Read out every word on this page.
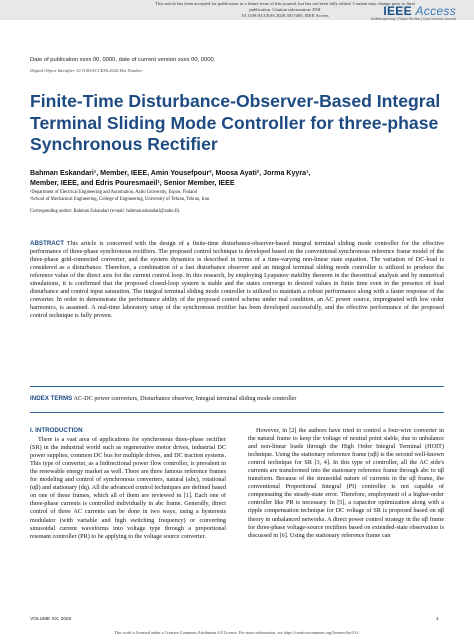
This article has been accepted for publication in a future issue of this journal, but has not been fully edited. Content may change prior to final publication. Citation information: DOI
10.1109/ACCESS.2020.3017469, IEEE Access	IEEE Access
Multidisciplinary | Rapid Review | Open Access Journal
Date of publication xxxx 00, 0000, date of current version xxxx 00, 0000.
Digital Object Identifier 10.1109/ACCESS.2020.Doi Number
Finite-Time Disturbance-Observer-Based Integral Terminal Sliding Mode Controller for three-phase Synchronous Rectifier
Bahman Eskandari¹, Member, IEEE, Amin Yousefpour², Moosa Ayati², Jorma Kyyra¹,
Member, IEEE, and Edris Pouresmaeil¹, Senior Member, IEEE
¹Department of Electrical Engineering and Automation, Aalto University, Espoo, Finland
²School of Mechanical Engineering, College of Engineering, University of Tehran, Tehran, Iran
Corresponding author: Bahman Eskandari (e-mail: bahman.eskandari@aalto.fi).
ABSTRACT This article is concerned with the design of a finite-time disturbance-observer-based integral terminal sliding mode controller for the effective performance of three-phase synchronous rectifiers. The proposed control technique is developed based on the conventional synchronous reference frame model of the three-phase grid-connected converter, and the system dynamics is described in terms of a time-varying non-linear state equation. The variation of DC-load is considered as a disturbance. Therefore, a combination of a fast disturbance observer and an integral terminal sliding mode controller is utilized to produce the reference value of the direct axis for the current control loop. In this research, by employing Lyapunov stability theorem in the theoretical analysis and by numerical simulations, it is confirmed that the proposed closed-loop system is stable and the states converge to desired values in finite time even in the presence of load disturbance and control input saturation. The integral terminal sliding mode controller is utilized to maintain a robust performance along with a faster response of the converter. In order to demonstrate the performance ability of the proposed control scheme under real condition, an AC power source, impregnated with low order harmonics, is assumed. A real-time laboratory setup of the synchronous rectifier has been developed successfully, and the effective performance of the proposed control technique is fully proven.
INDEX TERMS AC-DC power converters, Disturbance observer, Integral terminal sliding mode controller
I. INTRODUCTION
There is a vast area of applications for synchronous three-phase rectifier (SR) in the industrial world such as regenerative motor drives, industrial DC power supplies, common DC bus for multiple drives, and DC traction systems. This type of converter, as a bidirectional power flow controller, is prevalent in the renewable energy market as well. There are three famous reference frames for modeling and control of synchronous converters, natural (abc), rotational (αβ) and stationary (dq). All the advanced control techniques are defined based on one of these frames, which all of them are reviewed in [1]. Each one of three-phase currents is controlled individually in abc frame. Generally, direct control of three AC currents can be done in two ways, using a hysteresis modulator (with variable and high switching frequency) or converting sinusoidal current waveforms into voltage type through a proportional resonant controller (PR) to be applying to the voltage source converter.
However, in [2] the authors have tried to control a four-wire converter in the natural frame to keep the voltage of neutral point stable, due to unbalance and non-linear loads through the High Order Integral Terminal (HOIT) technique. Using the stationary reference frame (αβ) is the second well-known control technique for SR [3, 4]. In this type of controller, all the AC side's currents are transformed into the stationary reference frame through abc to αβ transform. Because of the sinusoidal nature of currents in the αβ frame, the conventional Proportional Integral (PI) controller is not capable of compensating the steady-state error. Therefore, employment of a higher-order controller like PR is necessary. In [5], a capacitor optimization along with a ripple compensation technique for DC voltage of SR is proposed based on αβ theory in unbalanced networks. A direct power control strategy in the αβ frame for three-phase voltage-source rectifiers based on extended-state observation is discussed in [6]. Using the stationary reference frame can
VOLUME XX, 2020	1
This work is licensed under a Creative Commons Attribution 4.0 License. For more information, see https://creativecommons.org/licenses/by/4.0/.
